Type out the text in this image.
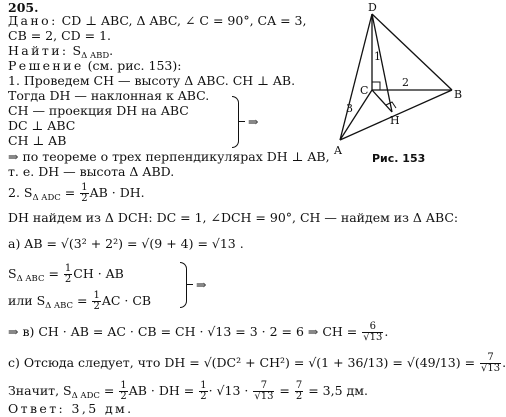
205.
Дано: CD ⊥ ABC, Δ ABC, ∠ C = 90°, CA = 3,
CB = 2, CD = 1.
Найти: $S_{\Delta ABD}$.
Решение (см. рис. 153):
1. Проведем CH — высоту Δ ABC. CH ⊥ AB.
Тогда DH — наклонная к ABC.
CH — проекция DH на ABC
DC ⊥ ABC
CH ⊥ AB
⇒
⇒ по теореме о трех перпендикулярах DH ⊥ AB,
т. е. DH — высота Δ ABD.
2. $S_{\Delta ADC} = \frac{1}{2}$ AB · DH.
DH найдем из Δ DCH: DC = 1, ∠DCH = 90°, CH — найдем из Δ ABC:
а) AB = √(3² + 2²) = √(9 + 4) = √13 .
$S_{\Delta ABC} = \frac{1}{2}$ CH · AB
или $S_{\Delta ABC} = \frac{1}{2}$ AC · CB
⇒
⇒ в) CH · AB = AC · CB = CH · √13 = 3 · 2 = 6 ⇒ CH = $\frac{6}{√13}$ .
с) Отсюда следует, что DH = $√(DC^2 + CH^2) = √(1 + 36/13) = √(49/13) = \frac{7}{√13}$ .
Значит, $S_{\Delta ADC} = \frac{1}{2}$ AB · DH = $\frac{1}{2} \cdot √13 \cdot \frac{7}{√13} = \frac{7}{2} = 3,5$ дм.
Ответ: 3,5 дм.
D
C	B
A
H
1
2
3
Рис. 153
